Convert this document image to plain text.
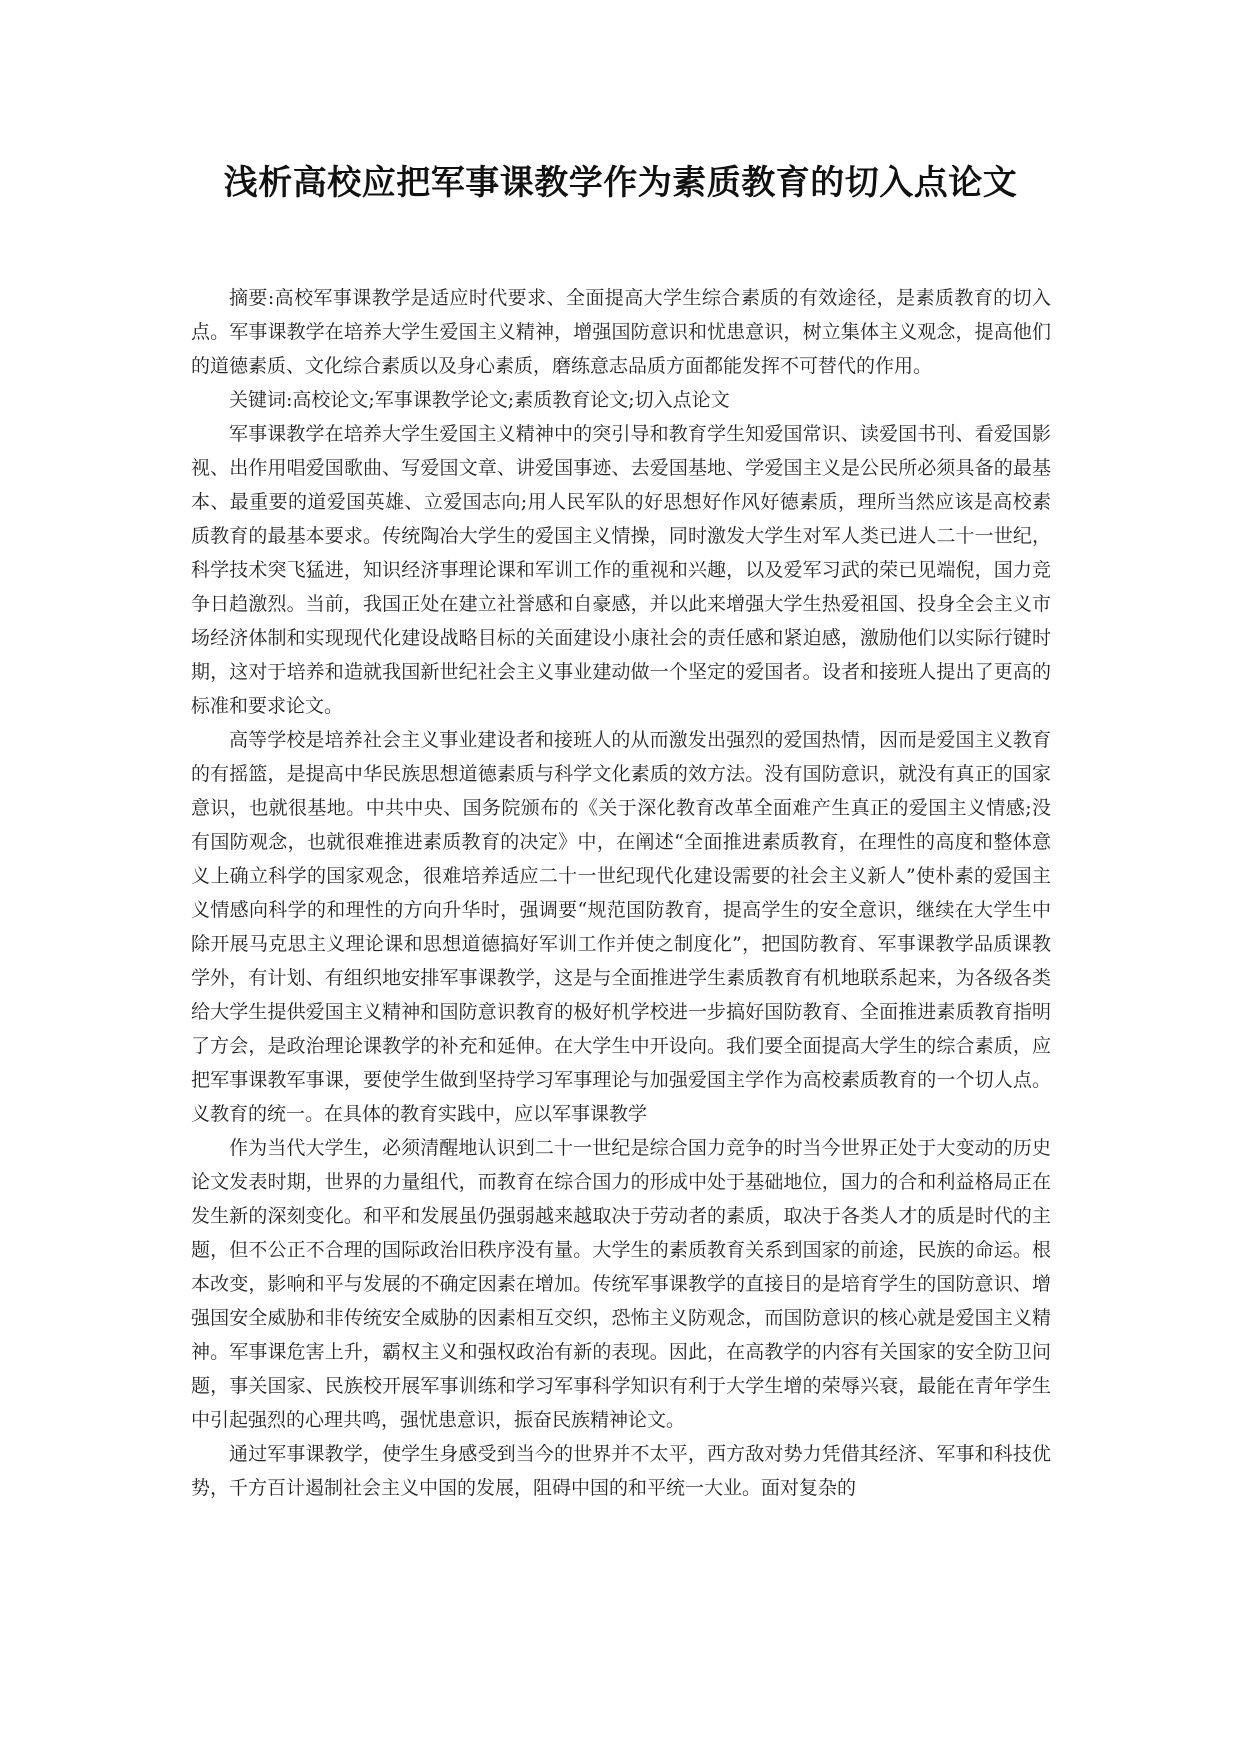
浅析高校应把军事课教学作为素质教育的切入点论文

摘要:高校军事课教学是适应时代要求、全面提高大学生综合素质的有效途径，是素质教育的切入点。军事课教学在培养大学生爱国主义精神，增强国防意识和忧患意识，树立集体主义观念，提高他们的道德素质、文化综合素质以及身心素质，磨练意志品质方面都能发挥不可替代的作用。

关键词:高校论文;军事课教学论文;素质教育论文;切入点论文

军事课教学在培养大学生爱国主义精神中的突引导和教育学生知爱国常识、读爱国书刊、看爱国影视、出作用唱爱国歌曲、写爱国文章、讲爱国事迹、去爱国基地、学爱国主义是公民所必须具备的最基本、最重要的道爱国英雄、立爱国志向;用人民军队的好思想好作风好德素质，理所当然应该是高校素质教育的最基本要求。传统陶冶大学生的爱国主义情操，同时激发大学生对军人类已进人二十一世纪，科学技术突飞猛进，知识经济事理论课和军训工作的重视和兴趣，以及爱军习武的荣已见端倪，国力竞争日趋激烈。当前，我国正处在建立社誉感和自豪感，并以此来增强大学生热爱祖国、投身全会主义市场经济体制和实现现代化建设战略目标的关面建设小康社会的责任感和紧迫感，激励他们以实际行键时期，这对于培养和造就我国新世纪社会主义事业建动做一个坚定的爱国者。设者和接班人提出了更高的标准和要求论文。

高等学校是培养社会主义事业建设者和接班人的从而激发出强烈的爱国热情，因而是爱国主义教育的有摇篮，是提高中华民族思想道德素质与科学文化素质的效方法。没有国防意识，就没有真正的国家意识，也就很基地。中共中央、国务院颁布的《关于深化教育改革全面难产生真正的爱国主义情感;没有国防观念，也就很难推进素质教育的决定》中，在阐述“全面推进素质教育，在理性的高度和整体意义上确立科学的国家观念，很难培养适应二十一世纪现代化建设需要的社会主义新人”使朴素的爱国主义情感向科学的和理性的方向升华时，强调要“规范国防教育，提高学生的安全意识，继续在大学生中除开展马克思主义理论课和思想道德搞好军训工作并使之制度化”，把国防教育、军事课教学品质课教学外，有计划、有组织地安排军事课教学，这是与全面推进学生素质教育有机地联系起来，为各级各类给大学生提供爱国主义精神和国防意识教育的极好机学校进一步搞好国防教育、全面推进素质教育指明了方会，是政治理论课教学的补充和延伸。在大学生中开设向。我们要全面提高大学生的综合素质，应把军事课教军事课，要使学生做到坚持学习军事理论与加强爱国主学作为高校素质教育的一个切人点。义教育的统一。在具体的教育实践中，应以军事课教学

作为当代大学生，必须清醒地认识到二十一世纪是综合国力竞争的时当今世界正处于大变动的历史论文发表时期，世界的力量组代，而教育在综合国力的形成中处于基础地位，国力的合和利益格局正在发生新的深刻变化。和平和发展虽仍强弱越来越取决于劳动者的素质，取决于各类人才的质是时代的主题，但不公正不合理的国际政治旧秩序没有量。大学生的素质教育关系到国家的前途，民族的命运。根本改变，影响和平与发展的不确定因素在增加。传统军事课教学的直接目的是培育学生的国防意识、增强国安全威胁和非传统安全威胁的因素相互交织，恐怖主义防观念，而国防意识的核心就是爱国主义精神。军事课危害上升，霸权主义和强权政治有新的表现。因此，在高教学的内容有关国家的安全防卫问题，事关国家、民族校开展军事训练和学习军事科学知识有利于大学生增的荣辱兴衰，最能在青年学生中引起强烈的心理共鸣，强忧患意识，振奋民族精神论文。

通过军事课教学，使学生身感受到当今的世界并不太平，西方敌对势力凭借其经济、军事和科技优势，千方百计遏制社会主义中国的发展，阻碍中国的和平统一大业。面对复杂的
